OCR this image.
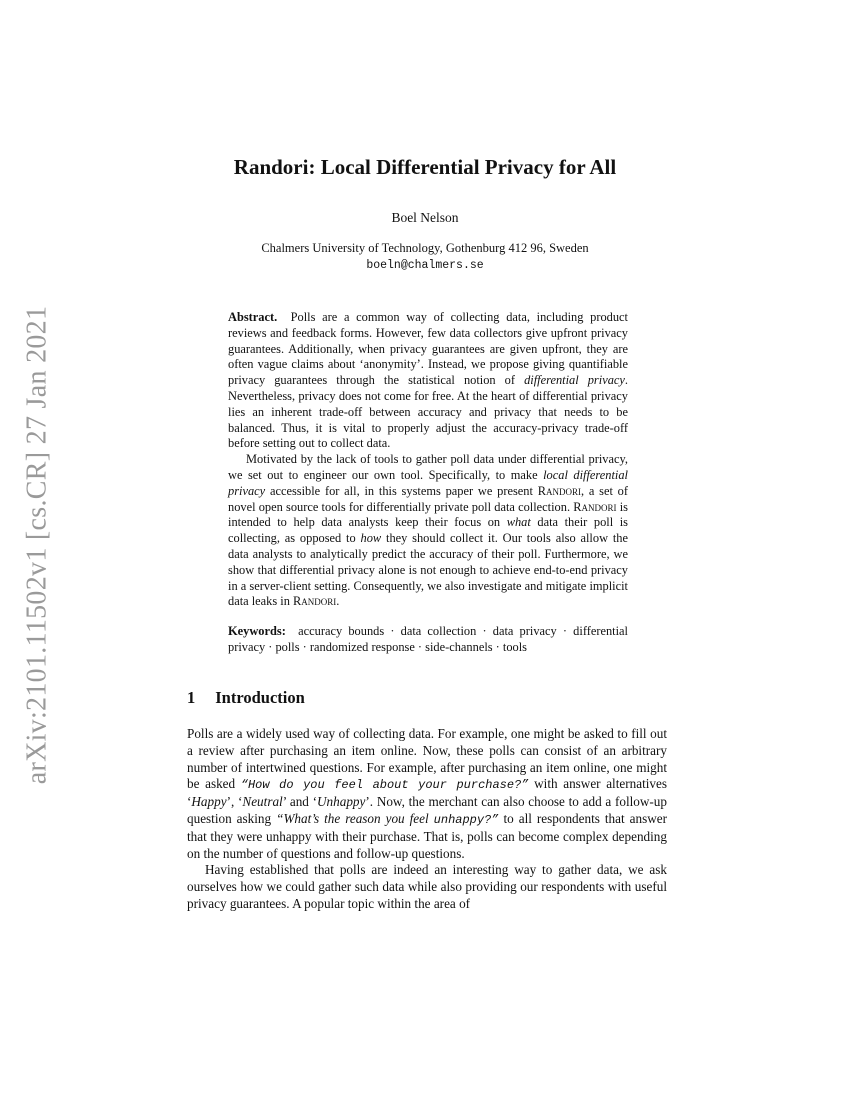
arXiv:2101.11502v1 [cs.CR] 27 Jan 2021
Randori: Local Differential Privacy for All
Boel Nelson
Chalmers University of Technology, Gothenburg 412 96, Sweden
boeln@chalmers.se

Abstract. Polls are a common way of collecting data, including product reviews and feedback forms. However, few data collectors give upfront privacy guarantees. Additionally, when privacy guarantees are given upfront, they are often vague claims about ‘anonymity’. Instead, we propose giving quantifiable privacy guarantees through the statistical notion of differential privacy. Nevertheless, privacy does not come for free. At the heart of differential privacy lies an inherent trade-off between accuracy and privacy that needs to be balanced. Thus, it is vital to properly adjust the accuracy-privacy trade-off before setting out to collect data.

Motivated by the lack of tools to gather poll data under differential privacy, we set out to engineer our own tool. Specifically, to make local differential privacy accessible for all, in this systems paper we present Randori, a set of novel open source tools for differentially private poll data collection. Randori is intended to help data analysts keep their focus on what data their poll is collecting, as opposed to how they should collect it. Our tools also allow the data analysts to analytically predict the accuracy of their poll. Furthermore, we show that differential privacy alone is not enough to achieve end-to-end privacy in a server-client setting. Consequently, we also investigate and mitigate implicit data leaks in Randori.

Keywords: accuracy bounds · data collection · data privacy · differential privacy · polls · randomized response · side-channels · tools

1 Introduction

Polls are a widely used way of collecting data. For example, one might be asked to fill out a review after purchasing an item online. Now, these polls can consist of an arbitrary number of intertwined questions. For example, after purchasing an item online, one might be asked “How do you feel about your purchase?” with answer alternatives ‘Happy’, ‘Neutral’ and ‘Unhappy’. Now, the merchant can also choose to add a follow-up question asking “What’s the reason you feel unhappy?” to all respondents that answer that they were unhappy with their purchase. That is, polls can become complex depending on the number of questions and follow-up questions.

Having established that polls are indeed an interesting way to gather data, we ask ourselves how we could gather such data while also providing our respondents with useful privacy guarantees. A popular topic within the area of
